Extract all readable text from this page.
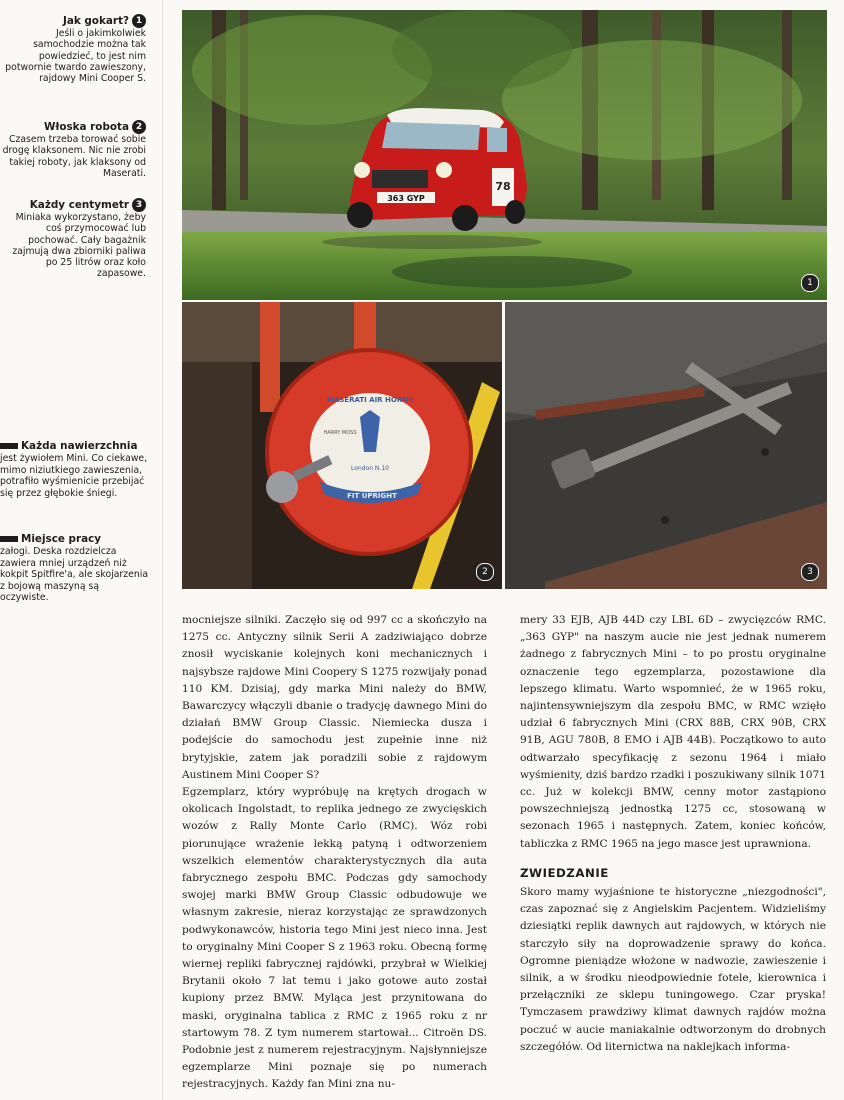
Jak gokart? 1
Jeśli o jakimkolwiek samochodzie można tak powiedzieć, to jest nim potwornie twardo zawieszony, rajdowy Mini Cooper S.
Włoska robota 2
Czasem trzeba torować sobie drogę klaksonem. Nic nie zrobi takiej roboty, jak klaksony od Maserati.
Każdy centymetr 3
Miniaka wykorzystano, żeby coś przymocować lub pochować. Cały bagażnik zajmują dwa zbiorniki paliwa po 25 litrów oraz koło zapasowe.
Każda nawierzchnia
jest żywiołem Mini. Co ciekawe, mimo niziutkiego zawieszenia, potrafiło wyśmienicie przebijać się przez głębokie śniegi.
Miejsce pracy
załogi. Deska rozdzielcza zawiera mniej urządzeń niż kokpit Spitfire'a, ale skojarzenia z bojową maszyną są oczywiste.
78
363 GYP
1
MASERATI AIR HORNS
HARRY MOSS
London N.10
FIT UPRIGHT
2	3

mocniejsze silniki. Zaczęło się od 997 cc a skończyło na 1275 cc. Antyczny silnik Serii A zadziwiająco dobrze znosił wyciskanie kolejnych koni mechanicznych i najsybsze rajdowe Mini Coopery S 1275 rozwijały ponad 110 KM. Dzisiaj, gdy marka Mini należy do BMW, Bawarczycy włączyli dbanie o tradycję dawnego Mini do działań BMW Group Classic. Niemiecka dusza i podejście do samochodu jest zupełnie inne niż brytyjskie, zatem jak poradzili sobie z rajdowym Austinem Mini Cooper S?

Egzemplarz, który wypróbuję na krętych drogach w okolicach Ingolstadt, to replika jednego ze zwycięskich wozów z Rally Monte Carlo (RMC). Wóz robi piorunujące wrażenie lekką patyną i odtworzeniem wszelkich elementów charakterystycznych dla auta fabrycznego zespołu BMC. Podczas gdy samochody swojej marki BMW Group Classic odbudowuje we własnym zakresie, nieraz korzystając ze sprawdzonych podwykonawców, historia tego Mini jest nieco inna. Jest to oryginalny Mini Cooper S z 1963 roku. Obecną formę wiernej repliki fabrycznej rajdówki, przybrał w Wielkiej Brytanii około 7 lat temu i jako gotowe auto został kupiony przez BMW. Myląca jest przynitowana do maski, oryginalna tablica z RMC z 1965 roku z nr startowym 78. Z tym numerem startował... Citroën DS. Podobnie jest z numerem rejestracyjnym. Najsłynniejsze egzemplarze Mini poznaje się po numerach rejestracyjnych. Każdy fan Mini zna nu-

mery 33 EJB, AJB 44D czy LBL 6D – zwycięzców RMC. „363 GYP" na naszym aucie nie jest jednak numerem żadnego z fabrycznych Mini – to po prostu oryginalne oznaczenie tego egzemplarza, pozostawione dla lepszego klimatu. Warto wspomnieć, że w 1965 roku, najintensywniejszym dla zespołu BMC, w RMC wzięło udział 6 fabrycznych Mini (CRX 88B, CRX 90B, CRX 91B, AGU 780B, 8 EMO i AJB 44B). Początkowo to auto odtwarzało specyfikację z sezonu 1964 i miało wyśmienity, dziś bardzo rzadki i poszukiwany silnik 1071 cc. Już w kolekcji BMW, cenny motor zastąpiono powszechniejszą jednostką 1275 cc, stosowaną w sezonach 1965 i następnych. Zatem, koniec końców, tabliczka z RMC 1965 na jego masce jest uprawniona.

ZWIEDZANIE

Skoro mamy wyjaśnione te historyczne „niezgodności", czas zapoznać się z Angielskim Pacjentem. Widzieliśmy dziesiątki replik dawnych aut rajdowych, w których nie starczyło siły na doprowadzenie sprawy do końca. Ogromne pieniądze włożone w nadwozie, zawieszenie i silnik, a w środku nieodpowiednie fotele, kierownica i przełączniki ze sklepu tuningowego. Czar pryska! Tymczasem prawdziwy klimat dawnych rajdów można poczuć w aucie maniakalnie odtworzonym do drobnych szczegółów. Od liternictwa na naklejkach informa-
